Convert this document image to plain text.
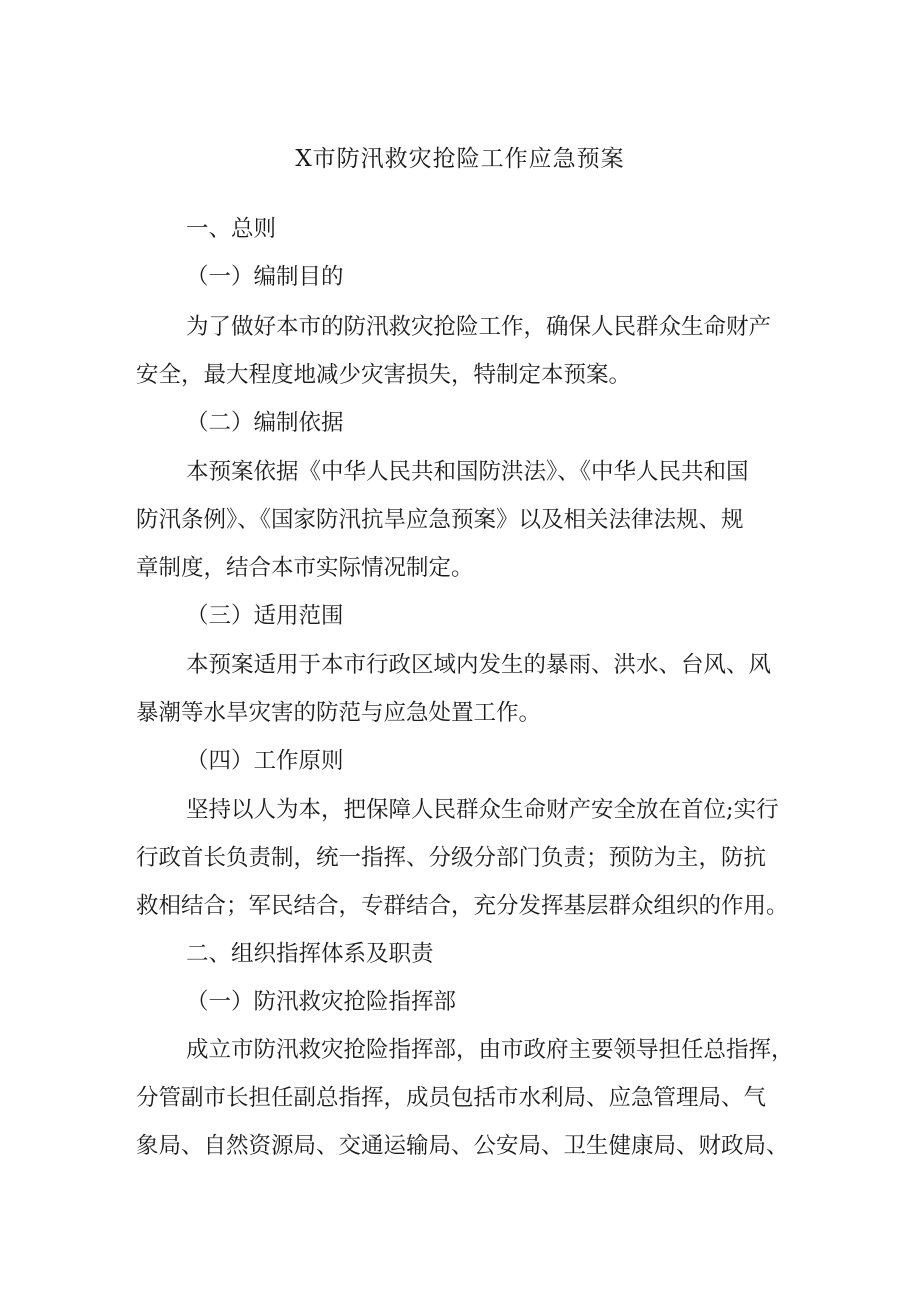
X市防汛救灾抢险工作应急预案

一、总则

（一）编制目的

为了做好本市的防汛救灾抢险工作，确保人民群众生命财产

安全，最大程度地减少灾害损失，特制定本预案。

（二）编制依据

本预案依据《中华人民共和国防洪法》、《中华人民共和国

防汛条例》、《国家防汛抗旱应急预案》以及相关法律法规、规

章制度，结合本市实际情况制定。

（三）适用范围

本预案适用于本市行政区域内发生的暴雨、洪水、台风、风

暴潮等水旱灾害的防范与应急处置工作。

（四）工作原则

坚持以人为本，把保障人民群众生命财产安全放在首位;实行

行政首长负责制，统一指挥、分级分部门负责；预防为主，防抗

救相结合；军民结合，专群结合，充分发挥基层群众组织的作用。

二、组织指挥体系及职责

（一）防汛救灾抢险指挥部

成立市防汛救灾抢险指挥部，由市政府主要领导担任总指挥，

分管副市长担任副总指挥，成员包括市水利局、应急管理局、气

象局、自然资源局、交通运输局、公安局、卫生健康局、财政局、
